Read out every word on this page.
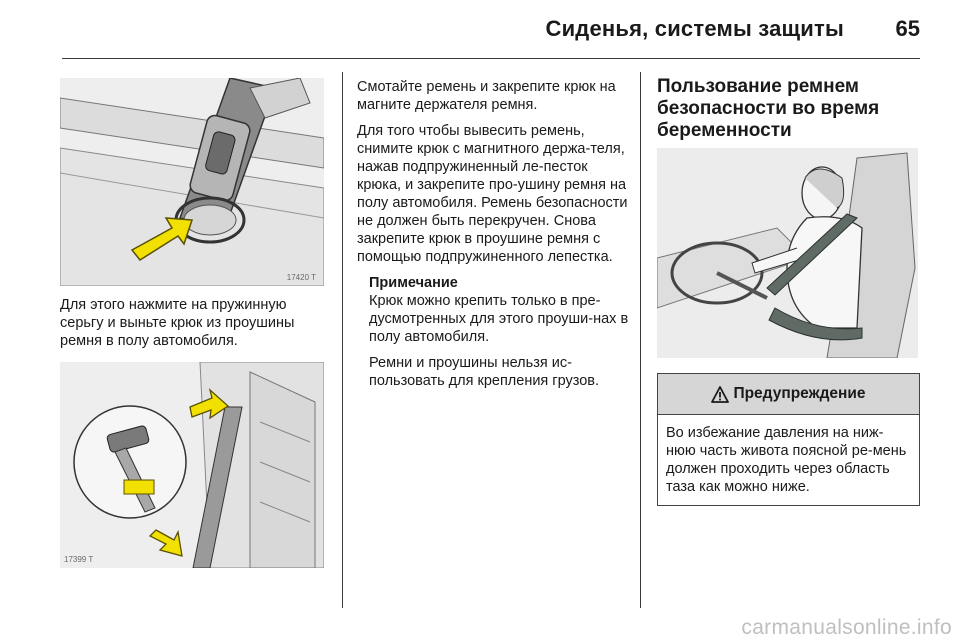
Сиденья, системы защиты 65
17420 T
Для этого нажмите на пружинную серьгу и выньте крюк из проушины ремня в полу автомобиля.
17399 T

Смотайте ремень и закрепите крюк на магните держателя ремня.

Для того чтобы вывесить ремень, снимите крюк с магнитного держа-теля, нажав подпружиненный ле-песток крюка, и закрепите про-ушину ремня на полу автомобиля. Ремень безопасности не должен быть перекручен. Снова закрепите крюк в проушине ремня с помощью подпружиненного лепестка.

Примечание

Крюк можно крепить только в пре-дусмотренных для этого проуши-нах в полу автомобиля.

Ремни и проушины нельзя ис-пользовать для крепления грузов.

Пользование ремнем безопасности во время беременности
Предупреждение
Во избежание давления на ниж-нюю часть живота поясной ре-мень должен проходить через область таза как можно ниже.
carmanualsonline.info
